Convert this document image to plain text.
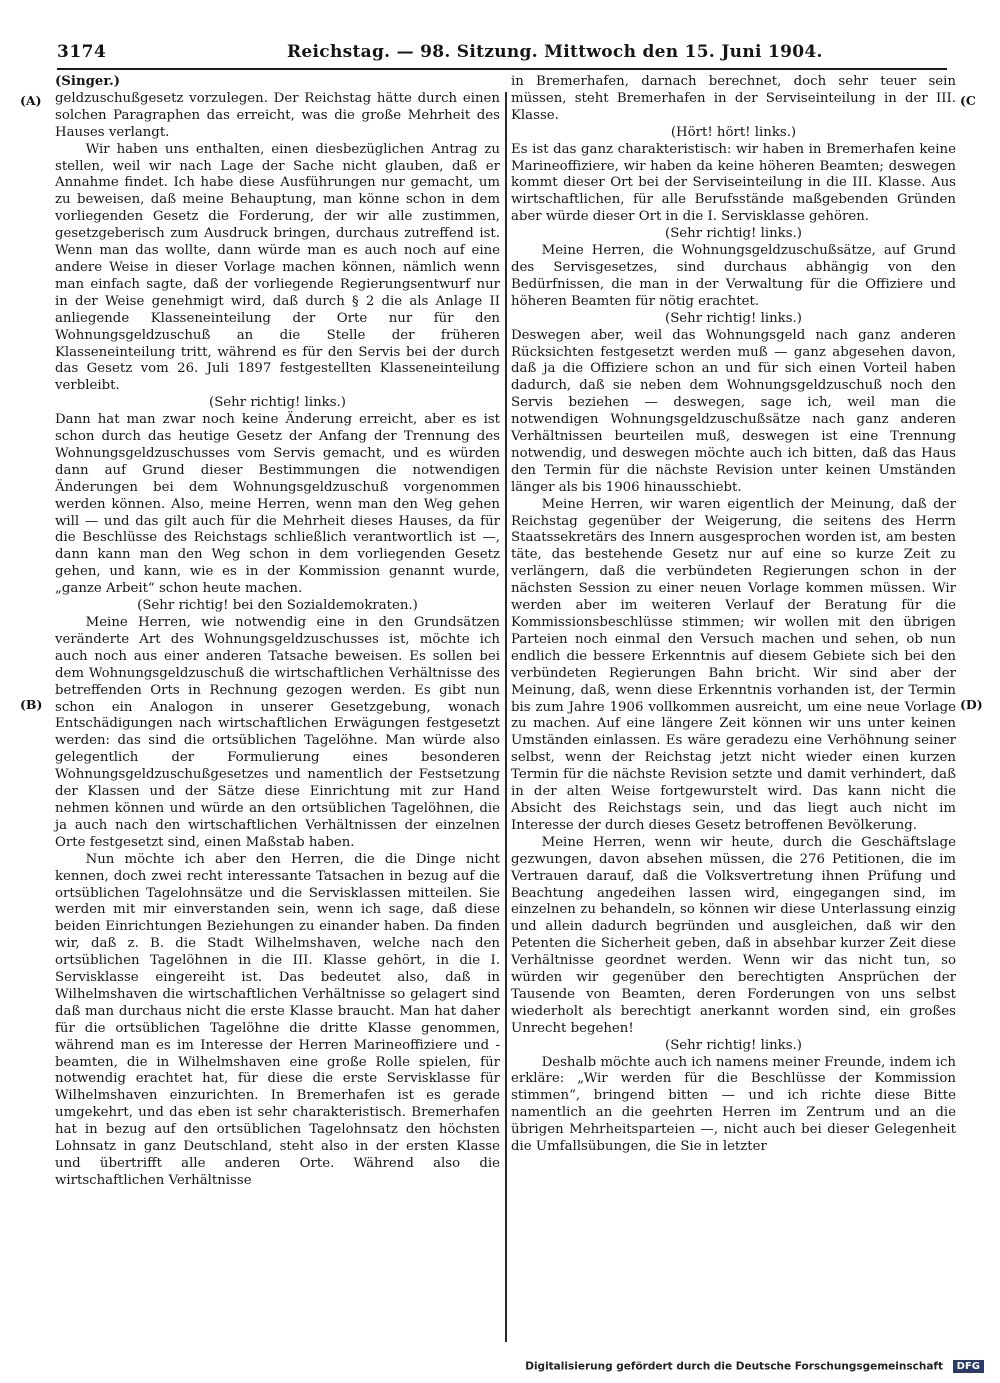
3174	Reichstag. — 98. Sitzung. Mittwoch den 15. Juni 1904.
(A)
(B)
(C
(D)

(Singer.)

geldzuschußgesetz vorzulegen. Der Reichstag hätte durch einen solchen Paragraphen das erreicht, was die große Mehrheit des Hauses verlangt.

Wir haben uns enthalten, einen diesbezüglichen Antrag zu stellen, weil wir nach Lage der Sache nicht glauben, daß er Annahme findet. Ich habe diese Ausführungen nur gemacht, um zu beweisen, daß meine Behauptung, man könne schon in dem vorliegenden Gesetz die Forderung, der wir alle zustimmen, gesetzgeberisch zum Ausdruck bringen, durchaus zutreffend ist. Wenn man das wollte, dann würde man es auch noch auf eine andere Weise in dieser Vorlage machen können, nämlich wenn man einfach sagte, daß der vorliegende Regierungsentwurf nur in der Weise genehmigt wird, daß durch § 2 die als Anlage II anliegende Klasseneinteilung der Orte nur für den Wohnungsgeldzuschuß an die Stelle der früheren Klasseneinteilung tritt, während es für den Servis bei der durch das Gesetz vom 26. Juli 1897 festgestellten Klasseneinteilung verbleibt.

(Sehr richtig! links.)

Dann hat man zwar noch keine Änderung erreicht, aber es ist schon durch das heutige Gesetz der Anfang der Trennung des Wohnungsgeldzuschusses vom Servis gemacht, und es würden dann auf Grund dieser Bestimmungen die notwendigen Änderungen bei dem Wohnungsgeldzuschuß vorgenommen werden können. Also, meine Herren, wenn man den Weg gehen will — und das gilt auch für die Mehrheit dieses Hauses, da für die Beschlüsse des Reichstags schließlich verantwortlich ist —, dann kann man den Weg schon in dem vorliegenden Gesetz gehen, und kann, wie es in der Kommission genannt wurde, „ganze Arbeit“ schon heute machen.

(Sehr richtig! bei den Sozialdemokraten.)

Meine Herren, wie notwendig eine in den Grundsätzen veränderte Art des Wohnungsgeldzuschusses ist, möchte ich auch noch aus einer anderen Tatsache beweisen. Es sollen bei dem Wohnungsgeldzuschuß die wirtschaftlichen Verhältnisse des betreffenden Orts in Rechnung gezogen werden. Es gibt nun schon ein Analogon in unserer Gesetzgebung, wonach Entschädigungen nach wirtschaftlichen Erwägungen festgesetzt werden: das sind die ortsüblichen Tagelöhne. Man würde also gelegentlich der Formulierung eines besonderen Wohnungsgeldzuschußgesetzes und namentlich der Festsetzung der Klassen und der Sätze diese Einrichtung mit zur Hand nehmen können und würde an den ortsüblichen Tagelöhnen, die ja auch nach den wirtschaftlichen Verhältnissen der einzelnen Orte festgesetzt sind, einen Maßstab haben.

Nun möchte ich aber den Herren, die die Dinge nicht kennen, doch zwei recht interessante Tatsachen in bezug auf die ortsüblichen Tagelohnsätze und die Servisklassen mitteilen. Sie werden mit mir einverstanden sein, wenn ich sage, daß diese beiden Einrichtungen Beziehungen zu einander haben. Da finden wir, daß z. B. die Stadt Wilhelmshaven, welche nach den ortsüblichen Tagelöhnen in die III. Klasse gehört, in die I. Servisklasse eingereiht ist. Das bedeutet also, daß in Wilhelmshaven die wirtschaftlichen Verhältnisse so gelagert sind daß man durchaus nicht die erste Klasse braucht. Man hat daher für die ortsüblichen Tagelöhne die dritte Klasse genommen, während man es im Interesse der Herren Marineoffiziere und -beamten, die in Wilhelmshaven eine große Rolle spielen, für notwendig erachtet hat, für diese die erste Servisklasse für Wilhelmshaven einzurichten. In Bremerhafen ist es gerade umgekehrt, und das eben ist sehr charakteristisch. Bremerhafen hat in bezug auf den ortsüblichen Tagelohnsatz den höchsten Lohnsatz in ganz Deutschland, steht also in der ersten Klasse und übertrifft alle anderen Orte. Während also die wirtschaftlichen Verhältnisse

in Bremerhafen, darnach berechnet, doch sehr teuer sein müssen, steht Bremerhafen in der Serviseinteilung in der III. Klasse.

(Hört! hört! links.)

Es ist das ganz charakteristisch: wir haben in Bremerhafen keine Marineoffiziere, wir haben da keine höheren Beamten; deswegen kommt dieser Ort bei der Serviseinteilung in die III. Klasse. Aus wirtschaftlichen, für alle Berufsstände maßgebenden Gründen aber würde dieser Ort in die I. Servisklasse gehören.

(Sehr richtig! links.)

Meine Herren, die Wohnungsgeldzuschußsätze, auf Grund des Servisgesetzes, sind durchaus abhängig von den Bedürfnissen, die man in der Verwaltung für die Offiziere und höheren Beamten für nötig erachtet.

(Sehr richtig! links.)

Deswegen aber, weil das Wohnungsgeld nach ganz anderen Rücksichten festgesetzt werden muß — ganz abgesehen davon, daß ja die Offiziere schon an und für sich einen Vorteil haben dadurch, daß sie neben dem Wohnungsgeldzuschuß noch den Servis beziehen — deswegen, sage ich, weil man die notwendigen Wohnungsgeldzuschußsätze nach ganz anderen Verhältnissen beurteilen muß, deswegen ist eine Trennung notwendig, und deswegen möchte auch ich bitten, daß das Haus den Termin für die nächste Revision unter keinen Umständen länger als bis 1906 hinausschiebt.

Meine Herren, wir waren eigentlich der Meinung, daß der Reichstag gegenüber der Weigerung, die seitens des Herrn Staatssekretärs des Innern ausgesprochen worden ist, am besten täte, das bestehende Gesetz nur auf eine so kurze Zeit zu verlängern, daß die verbündeten Regierungen schon in der nächsten Session zu einer neuen Vorlage kommen müssen. Wir werden aber im weiteren Verlauf der Beratung für die Kommissionsbeschlüsse stimmen; wir wollen mit den übrigen Parteien noch einmal den Versuch machen und sehen, ob nun endlich die bessere Erkenntnis auf diesem Gebiete sich bei den verbündeten Regierungen Bahn bricht. Wir sind aber der Meinung, daß, wenn diese Erkenntnis vorhanden ist, der Termin bis zum Jahre 1906 vollkommen ausreicht, um eine neue Vorlage zu machen. Auf eine längere Zeit können wir uns unter keinen Umständen einlassen. Es wäre geradezu eine Verhöhnung seiner selbst, wenn der Reichstag jetzt nicht wieder einen kurzen Termin für die nächste Revision setzte und damit verhindert, daß in der alten Weise fortgewurstelt wird. Das kann nicht die Absicht des Reichstags sein, und das liegt auch nicht im Interesse der durch dieses Gesetz betroffenen Bevölkerung.

Meine Herren, wenn wir heute, durch die Geschäftslage gezwungen, davon absehen müssen, die 276 Petitionen, die im Vertrauen darauf, daß die Volksvertretung ihnen Prüfung und Beachtung angedeihen lassen wird, eingegangen sind, im einzelnen zu behandeln, so können wir diese Unterlassung einzig und allein dadurch begründen und ausgleichen, daß wir den Petenten die Sicherheit geben, daß in absehbar kurzer Zeit diese Verhältnisse geordnet werden. Wenn wir das nicht tun, so würden wir gegenüber den berechtigten Ansprüchen der Tausende von Beamten, deren Forderungen von uns selbst wiederholt als berechtigt anerkannt worden sind, ein großes Unrecht begehen!

(Sehr richtig! links.)

Deshalb möchte auch ich namens meiner Freunde, indem ich erkläre: „Wir werden für die Beschlüsse der Kommission stimmen“, bringend bitten — und ich richte diese Bitte namentlich an die geehrten Herren im Zentrum und an die übrigen Mehrheitsparteien —, nicht auch bei dieser Gelegenheit die Umfallsübungen, die Sie in letzter

Digitalisierung gefördert durch die Deutsche Forschungsgemeinschaft DFG
